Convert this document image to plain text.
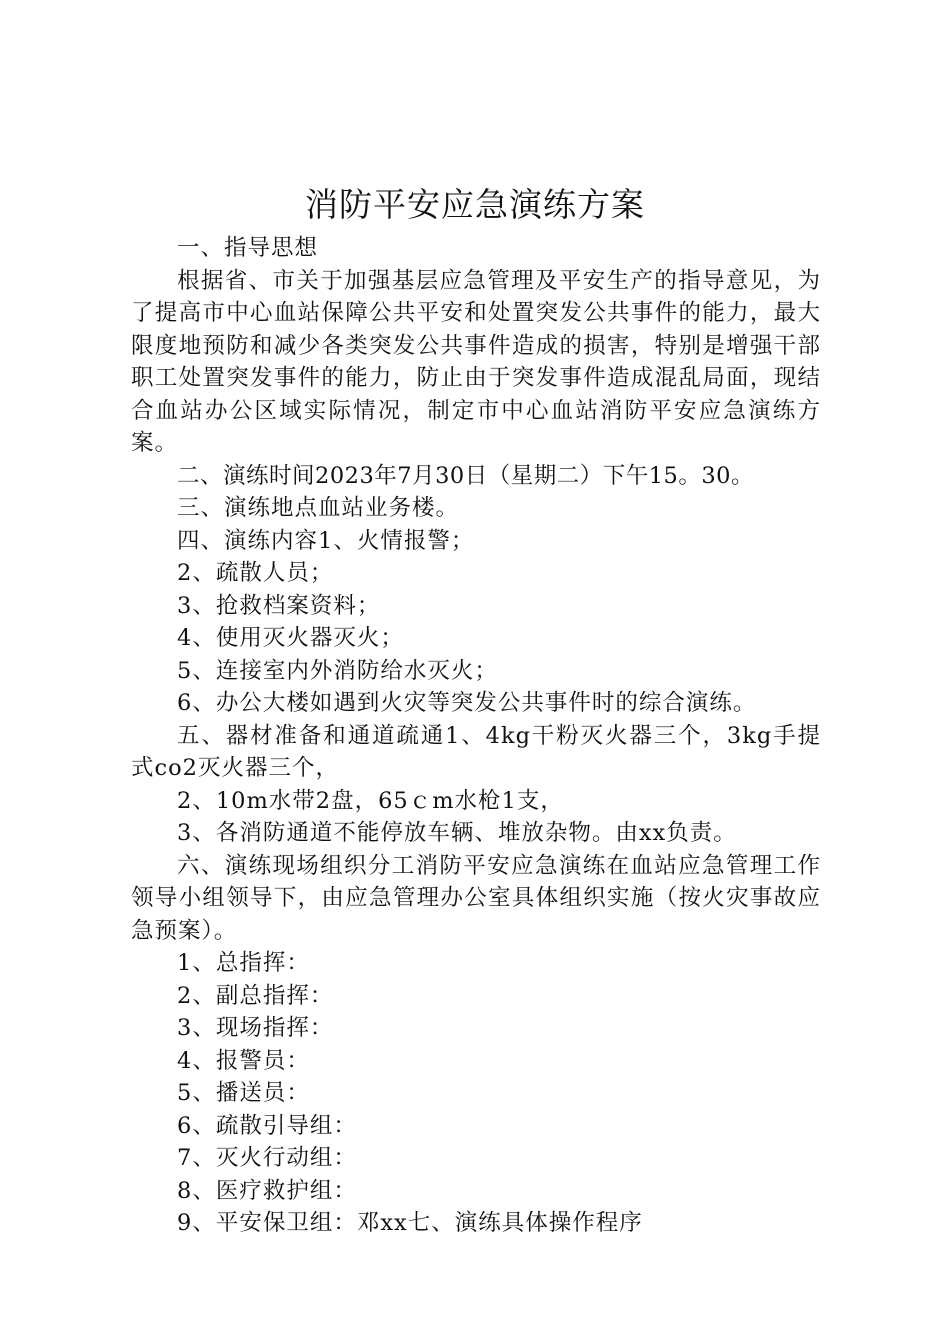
消防平安应急演练方案

一、指导思想

根据省、市关于加强基层应急管理及平安生产的指导意见，为了提高市中心血站保障公共平安和处置突发公共事件的能力，最大限度地预防和减少各类突发公共事件造成的损害，特别是增强干部职工处置突发事件的能力，防止由于突发事件造成混乱局面，现结合血站办公区域实际情况，制定市中心血站消防平安应急演练方案。

二、演练时间2023年7月30日（星期二）下午15。30。

三、演练地点血站业务楼。

四、演练内容1、火情报警；

2、疏散人员；

3、抢救档案资料；

4、使用灭火器灭火；

5、连接室内外消防给水灭火；

6、办公大楼如遇到火灾等突发公共事件时的综合演练。

五、器材准备和通道疏通1、4kg干粉灭火器三个，3kg手提式co2灭火器三个，

2、10m水带2盘，65ｃm水枪1支，

3、各消防通道不能停放车辆、堆放杂物。由xx负责。

六、演练现场组织分工消防平安应急演练在血站应急管理工作领导小组领导下，由应急管理办公室具体组织实施（按火灾事故应急预案）。

1、总指挥：

2、副总指挥：

3、现场指挥：

4、报警员：

5、播送员：

6、疏散引导组：

7、灭火行动组：

8、医疗救护组：

9、平安保卫组：邓xx七、演练具体操作程序
